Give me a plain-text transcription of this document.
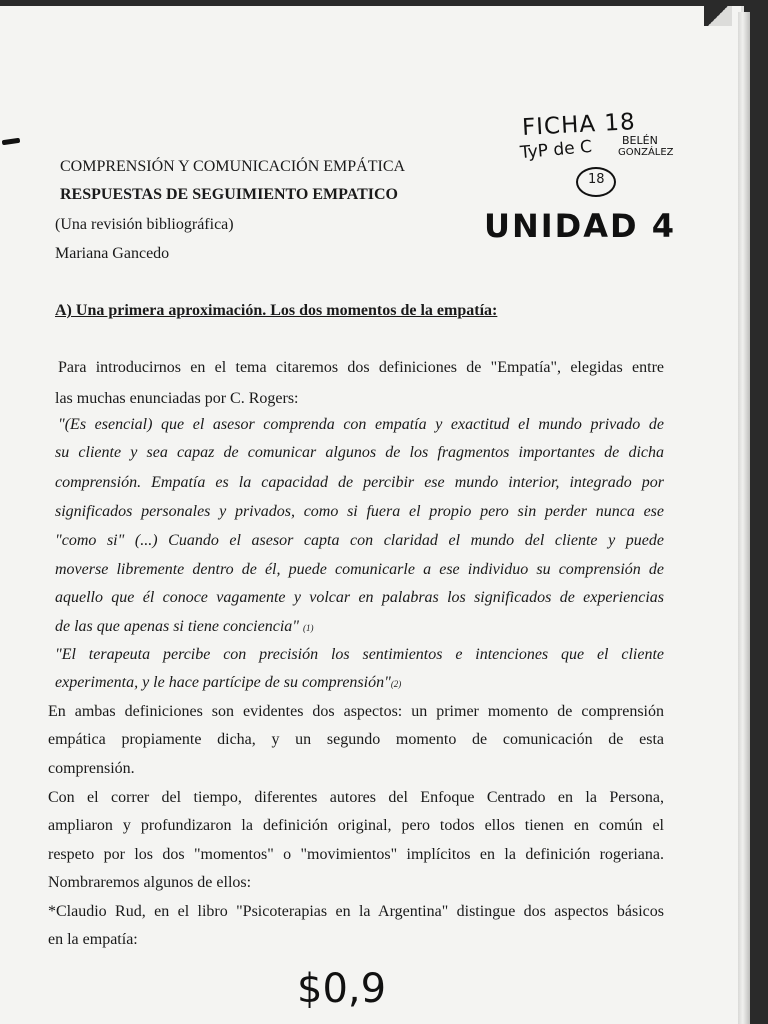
COMPRENSIÓN Y COMUNICACIÓN EMPÁTICA
RESPUESTAS DE SEGUIMIENTO EMPATICO
(Una revisión bibliográfica)
Mariana Gancedo
A) Una primera aproximación. Los dos momentos de la empatía:
Para introducirnos en el tema citaremos dos definiciones de "Empatía", elegidas entre
las muchas enunciadas por C. Rogers:
"(Es esencial) que el asesor comprenda con empatía y exactitud el mundo privado de
su cliente y sea capaz de comunicar algunos de los fragmentos importantes de dicha
comprensión. Empatía es la capacidad de percibir ese mundo interior, integrado por
significados personales y privados, como si fuera el propio pero sin perder nunca ese
"como si" (...) Cuando el asesor capta con claridad el mundo del cliente y puede
moverse libremente dentro de él, puede comunicarle a ese individuo su comprensión de
aquello que él conoce vagamente y volcar en palabras los significados de experiencias
de las que apenas si tiene conciencia" (1)
"El terapeuta percibe con precisión los sentimientos e intenciones que el cliente
experimenta, y le hace partícipe de su comprensión"(2)
En ambas definiciones son evidentes dos aspectos: un primer momento de comprensión
empática propiamente dicha, y un segundo momento de comunicación de esta
comprensión.
Con el correr del tiempo, diferentes autores del Enfoque Centrado en la Persona,
ampliaron y profundizaron la definición original, pero todos ellos tienen en común el
respeto por los dos "momentos" o "movimientos" implícitos en la definición rogeriana.
Nombraremos algunos de ellos:
*Claudio Rud, en el libro "Psicoterapias en la Argentina" distingue dos aspectos básicos
en la empatía:
FICHA 18
TyP de C	BELÉN
GONZÁLEZ
18
UNIDAD 4
$0,9
